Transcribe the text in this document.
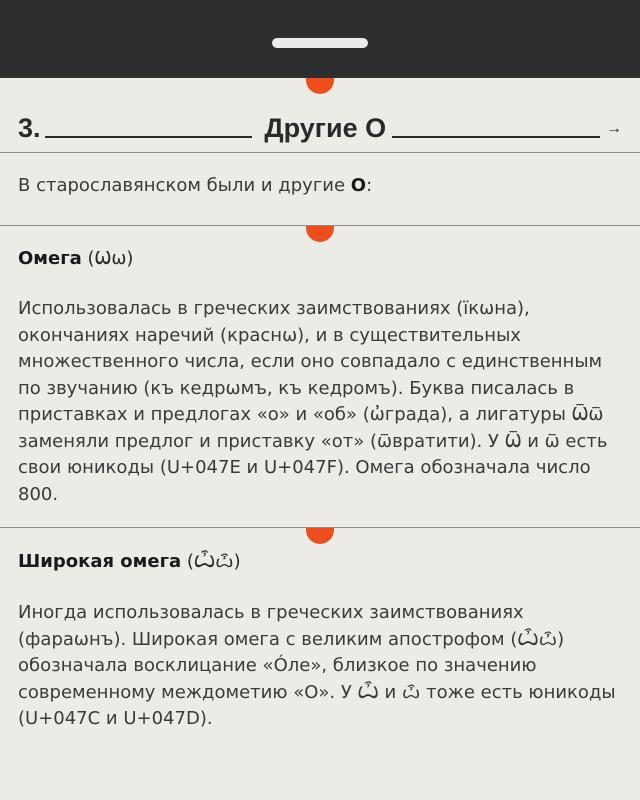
3.	Другие О	→
В старославянском были и другие О:
Омега (Ѡѡ)

Использовалась в греческих заимствованиях (їкѡна), окончаниях наречий (краснѡ), и в существительных множественного числа, если оно совпадало с единственным по звучанию (къ кедрѡмъ, къ кедромъ). Буква писалась в приставках и предлогах «о» и «об» (ѡ̓града), а лигатуры Ѿѿ заменяли предлог и приставку «от» (ѿвратити). У Ѿ и ѿ есть свои юникоды (U+047E и U+047F). Омега обозначала число 800.

Широкая омега (Ѽѽ)

Иногда использовалась в греческих заимствованиях (фараѡнъ). Широкая омега с великим апострофом (Ѽѽ) обозначала восклицание «Óле», близкое по значению современному междометию «О». У Ѽ и ѽ тоже есть юникоды (U+047C и U+047D).
